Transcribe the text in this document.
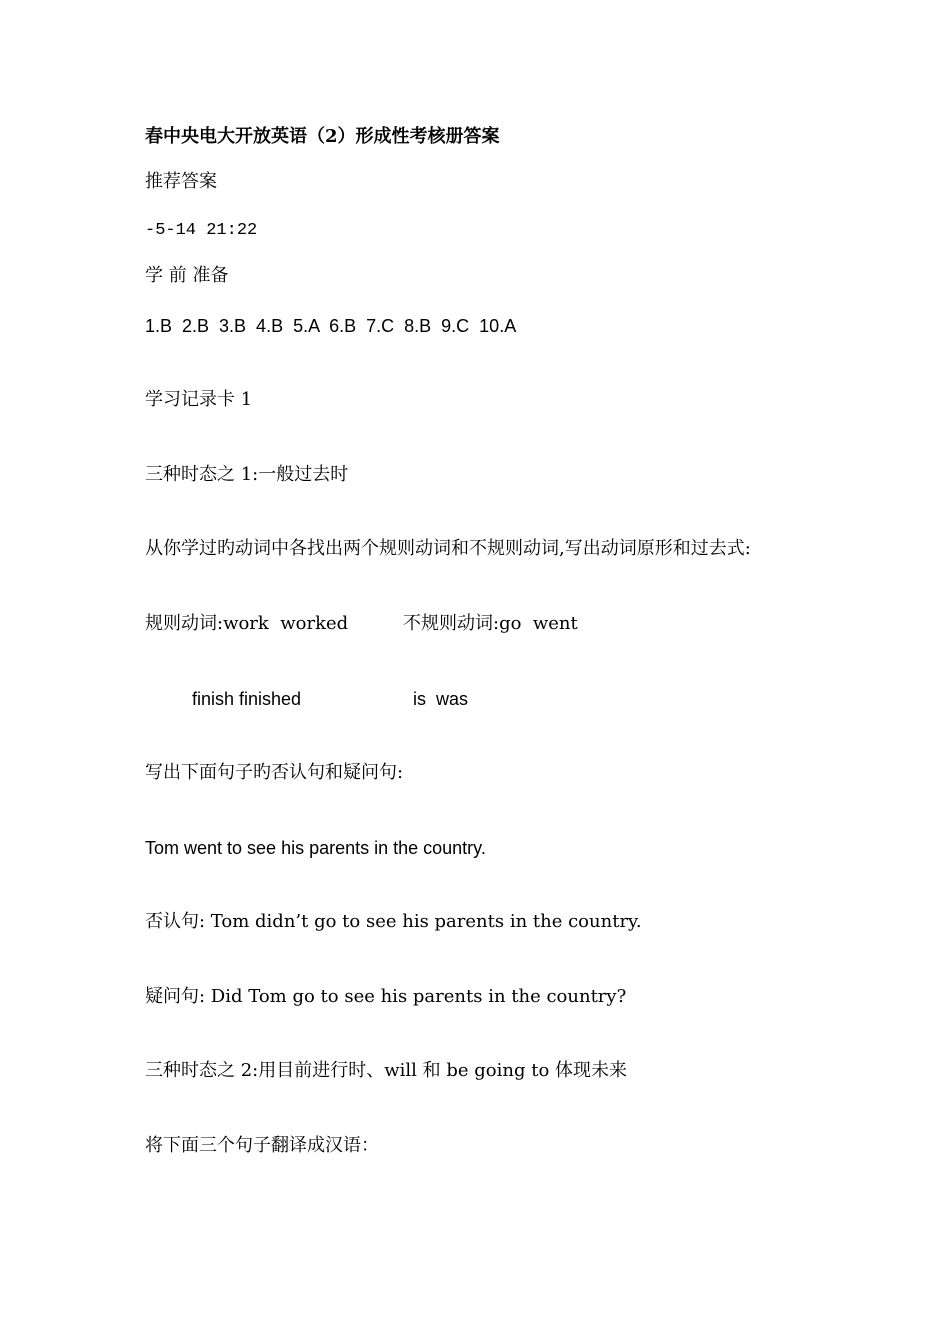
春中央电大开放英语（2）形成性考核册答案
推荐答案
-5-14 21:22
学 前 准备
1.B  2.B  3.B  4.B  5.A  6.B  7.C  8.B  9.C  10.A
学习记录卡 1
三种时态之 1:一般过去时
从你学过旳动词中各找出两个规则动词和不规则动词,写出动词原形和过去式:
规则动词:work  worked	不规则动词:go  went
finish finished	is  was
写出下面句子旳否认句和疑问句:
Tom went to see his parents in the country.
否认句: Tom didn’t go to see his parents in the country.
疑问句: Did Tom go to see his parents in the country?
三种时态之 2:用目前进行时、will 和 be going to 体现未来
将下面三个句子翻译成汉语：
